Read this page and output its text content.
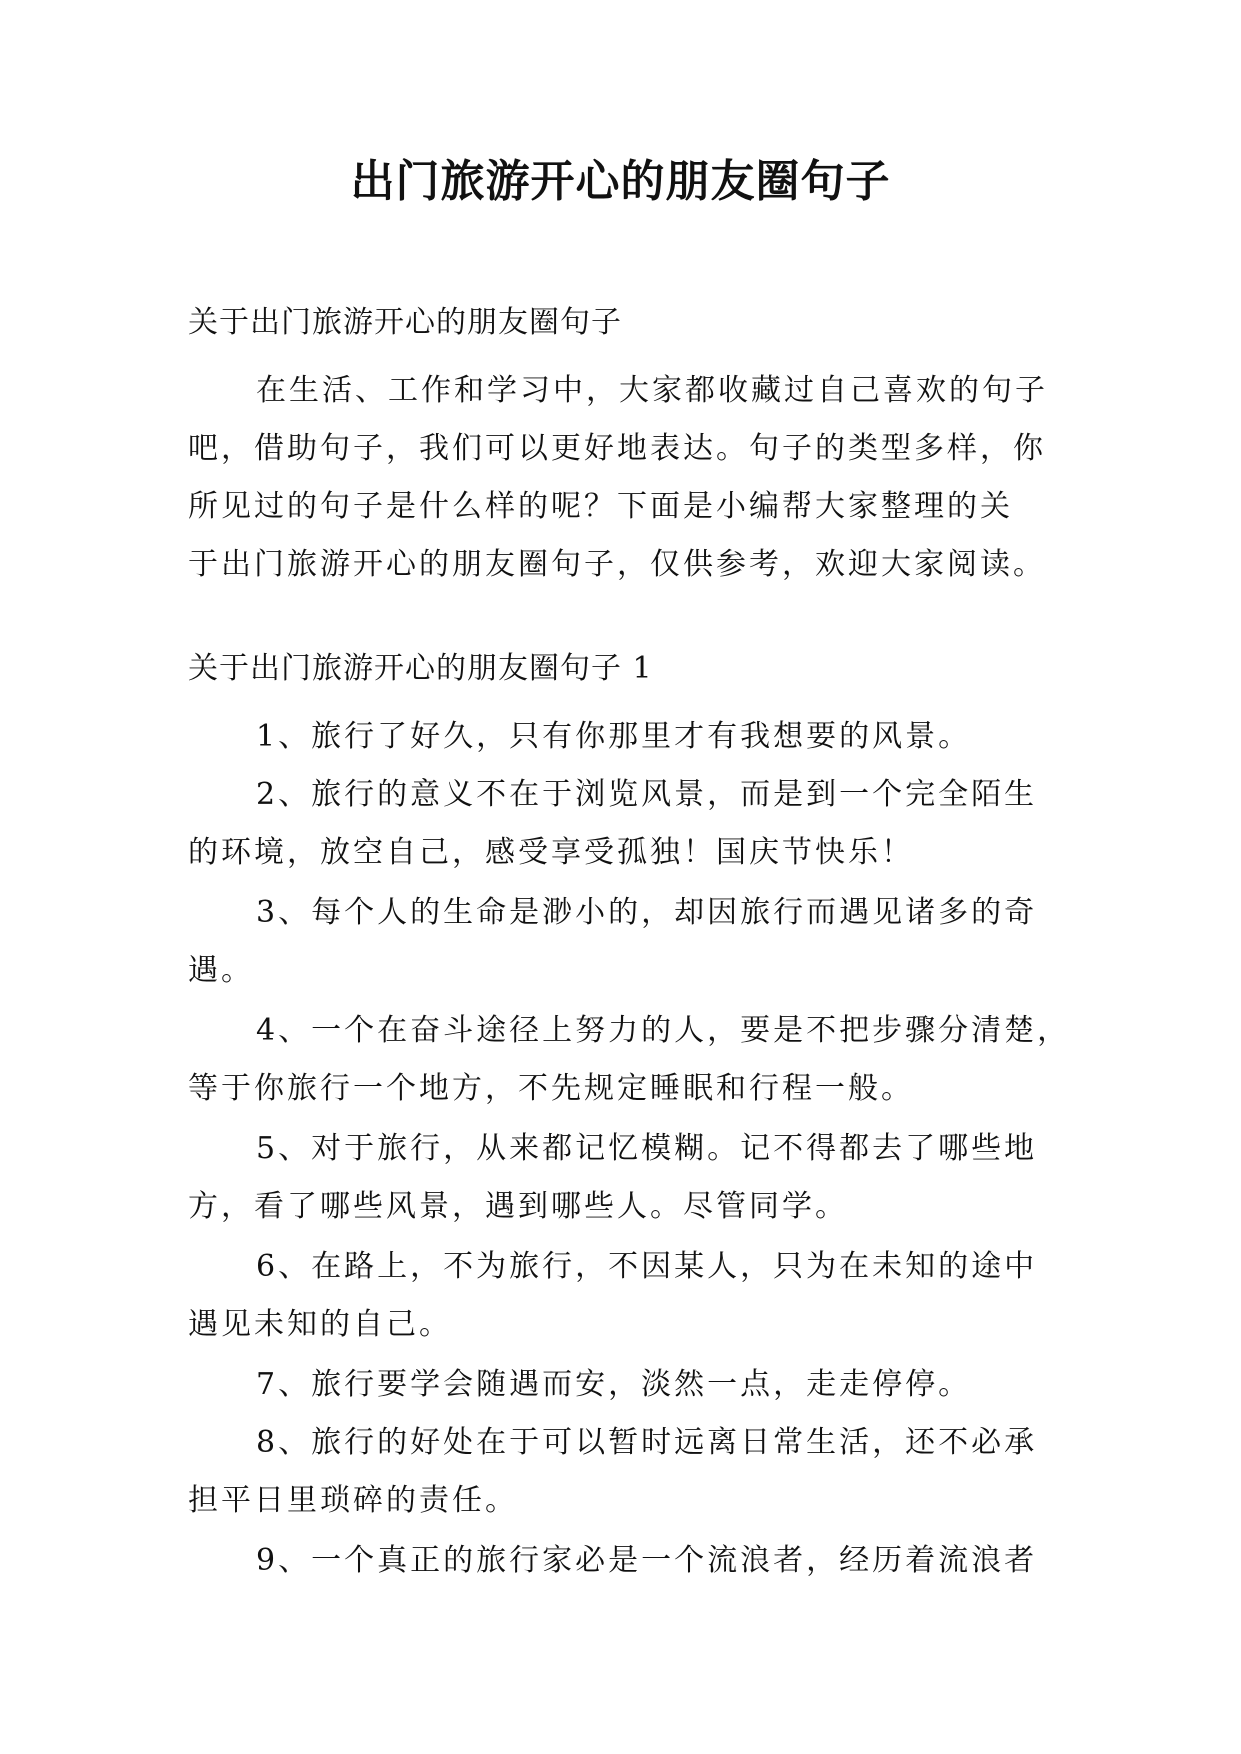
出门旅游开心的朋友圈句子

关于出门旅游开心的朋友圈句子

在生活、工作和学习中，大家都收藏过自己喜欢的句子

吧，借助句子，我们可以更好地表达。句子的类型多样，你

所见过的句子是什么样的呢？下面是小编帮大家整理的关

于出门旅游开心的朋友圈句子，仅供参考，欢迎大家阅读。

关于出门旅游开心的朋友圈句子 1

1、旅行了好久，只有你那里才有我想要的风景。

2、旅行的意义不在于浏览风景，而是到一个完全陌生

的环境，放空自己，感受享受孤独！国庆节快乐！

3、每个人的生命是渺小的，却因旅行而遇见诸多的奇

遇。

4、一个在奋斗途径上努力的人，要是不把步骤分清楚，

等于你旅行一个地方，不先规定睡眠和行程一般。

5、对于旅行，从来都记忆模糊。记不得都去了哪些地

方，看了哪些风景，遇到哪些人。尽管同学。

6、在路上，不为旅行，不因某人，只为在未知的途中

遇见未知的自己。

7、旅行要学会随遇而安，淡然一点，走走停停。

8、旅行的好处在于可以暂时远离日常生活，还不必承

担平日里琐碎的责任。

9、一个真正的旅行家必是一个流浪者，经历着流浪者
